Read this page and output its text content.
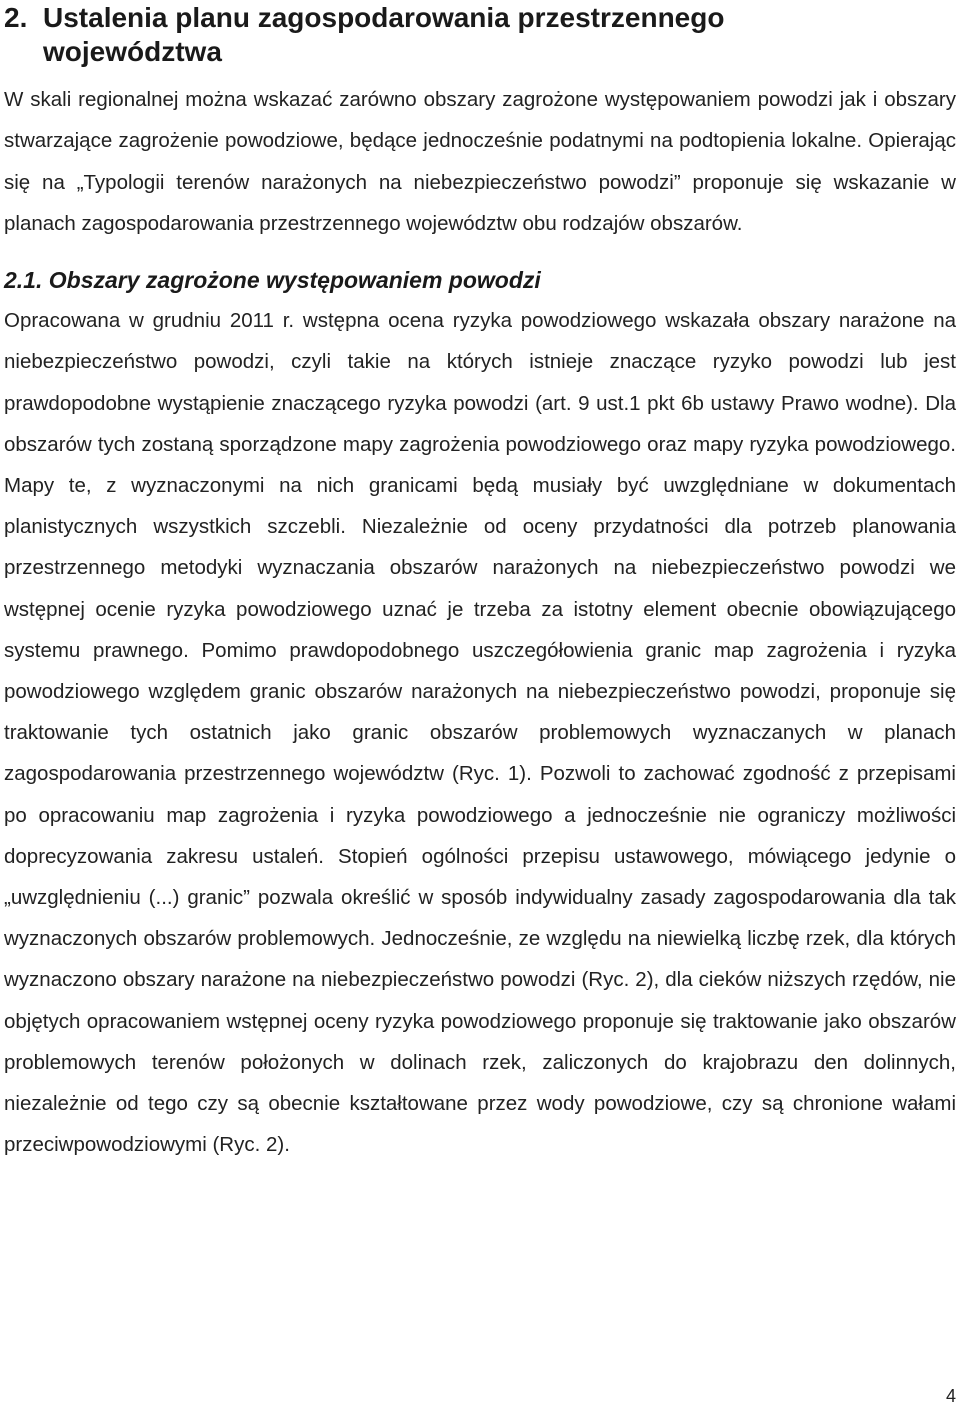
2. Ustalenia planu zagospodarowania przestrzennego
województwa

W skali regionalnej można wskazać zarówno obszary zagrożone występowaniem powodzi jak i obszary stwarzające zagrożenie powodziowe, będące jednocześnie podatnymi na podtopienia lokalne. Opierając się na „Typologii terenów narażonych na niebezpieczeństwo powodzi” proponuje się wskazanie w planach zagospodarowania przestrzennego województw obu rodzajów obszarów.

2.1. Obszary zagrożone występowaniem powodzi

Opracowana w grudniu 2011 r. wstępna ocena ryzyka powodziowego wskazała obszary narażone na niebezpieczeństwo powodzi, czyli takie na których istnieje znaczące ryzyko powodzi lub jest prawdopodobne wystąpienie znaczącego ryzyka powodzi (art. 9 ust.1 pkt 6b ustawy Prawo wodne). Dla obszarów tych zostaną sporządzone mapy zagrożenia powodziowego oraz mapy ryzyka powodziowego. Mapy te, z wyznaczonymi na nich granicami będą musiały być uwzględniane w dokumentach planistycznych wszystkich szczebli. Niezależnie od oceny przydatności dla potrzeb planowania przestrzennego metodyki wyznaczania obszarów narażonych na niebezpieczeństwo powodzi we wstępnej ocenie ryzyka powodziowego uznać je trzeba za istotny element obecnie obowiązującego systemu prawnego. Pomimo prawdopodobnego uszczegółowienia granic map zagrożenia i ryzyka powodziowego względem granic obszarów narażonych na niebezpieczeństwo powodzi, proponuje się traktowanie tych ostatnich jako granic obszarów problemowych wyznaczanych w planach zagospodarowania przestrzennego województw (Ryc. 1). Pozwoli to zachować zgodność z przepisami po opracowaniu map zagrożenia i ryzyka powodziowego a jednocześnie nie ograniczy możliwości doprecyzowania zakresu ustaleń. Stopień ogólności przepisu ustawowego, mówiącego jedynie o „uwzględnieniu (...) granic” pozwala określić w sposób indywidualny zasady zagospodarowania dla tak wyznaczonych obszarów problemowych. Jednocześnie, ze względu na niewielką liczbę rzek, dla których wyznaczono obszary narażone na niebezpieczeństwo powodzi (Ryc. 2), dla cieków niższych rzędów, nie objętych opracowaniem wstępnej oceny ryzyka powodziowego proponuje się traktowanie jako obszarów problemowych terenów położonych w dolinach rzek, zaliczonych do krajobrazu den dolinnych, niezależnie od tego czy są obecnie kształtowane przez wody powodziowe, czy są chronione wałami przeciwpowodziowymi (Ryc. 2).

4
